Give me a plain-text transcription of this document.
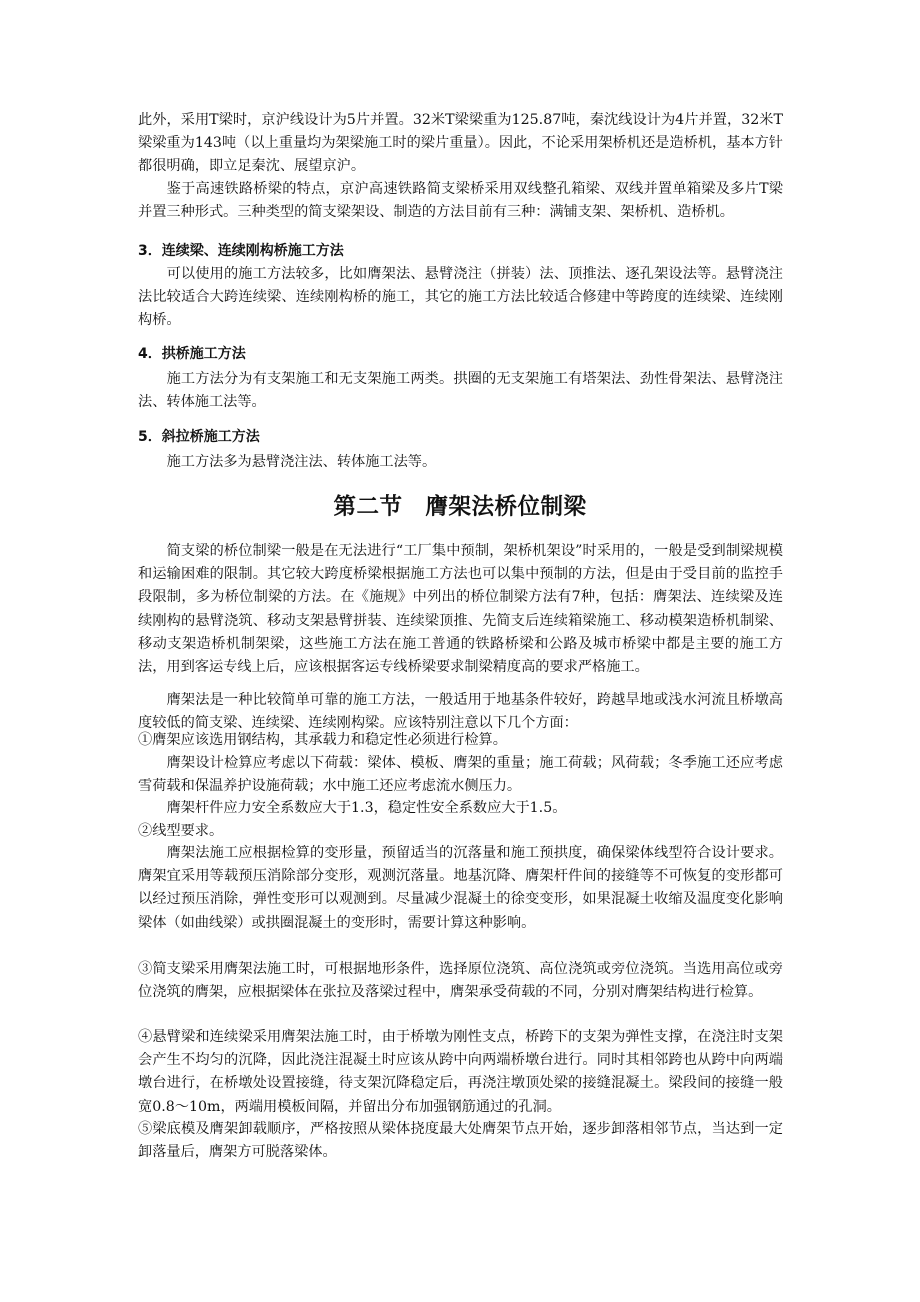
此外，采用T梁时，京沪线设计为5片并置。32米T梁梁重为125.87吨，秦沈线设计为4片并置，32米T梁梁重为143吨（以上重量均为架梁施工时的梁片重量）。因此，不论采用架桥机还是造桥机，基本方针都很明确，即立足秦沈、展望京沪。

鉴于高速铁路桥梁的特点，京沪高速铁路简支梁桥采用双线整孔箱梁、双线并置单箱梁及多片T梁并置三种形式。三种类型的简支梁架设、制造的方法目前有三种：满铺支架、架桥机、造桥机。

3．连续梁、连续刚构桥施工方法

可以使用的施工方法较多，比如膺架法、悬臂浇注（拼装）法、顶推法、逐孔架设法等。悬臂浇注法比较适合大跨连续梁、连续刚构桥的施工，其它的施工方法比较适合修建中等跨度的连续梁、连续刚构桥。

4．拱桥施工方法

施工方法分为有支架施工和无支架施工两类。拱圈的无支架施工有塔架法、劲性骨架法、悬臂浇注法、转体施工法等。

5．斜拉桥施工方法

施工方法多为悬臂浇注法、转体施工法等。

第二节　膺架法桥位制梁

简支梁的桥位制梁一般是在无法进行“工厂集中预制，架桥机架设”时采用的，一般是受到制梁规模和运输困难的限制。其它较大跨度桥梁根据施工方法也可以集中预制的方法，但是由于受目前的监控手段限制，多为桥位制梁的方法。在《施规》中列出的桥位制梁方法有7种，包括：膺架法、连续梁及连续刚构的悬臂浇筑、移动支架悬臂拼装、连续梁顶推、先简支后连续箱梁施工、移动模架造桥机制梁、移动支架造桥机制架梁，这些施工方法在施工普通的铁路桥梁和公路及城市桥梁中都是主要的施工方法，用到客运专线上后，应该根据客运专线桥梁要求制梁精度高的要求严格施工。

膺架法是一种比较简单可靠的施工方法，一般适用于地基条件较好，跨越旱地或浅水河流且桥墩高度较低的简支梁、连续梁、连续刚构梁。应该特别注意以下几个方面：

①膺架应该选用钢结构，其承载力和稳定性必须进行检算。

膺架设计检算应考虑以下荷载：梁体、模板、膺架的重量；施工荷载；风荷载；冬季施工还应考虑雪荷载和保温养护设施荷载；水中施工还应考虑流水侧压力。

膺架杆件应力安全系数应大于1.3，稳定性安全系数应大于1.5。

②线型要求。

膺架法施工应根据检算的变形量，预留适当的沉落量和施工预拱度，确保梁体线型符合设计要求。膺架宜采用等载预压消除部分变形，观测沉落量。地基沉降、膺架杆件间的接缝等不可恢复的变形都可以经过预压消除，弹性变形可以观测到。尽量减少混凝土的徐变变形，如果混凝土收缩及温度变化影响梁体（如曲线梁）或拱圈混凝土的变形时，需要计算这种影响。

③简支梁采用膺架法施工时，可根据地形条件，选择原位浇筑、高位浇筑或旁位浇筑。当选用高位或旁位浇筑的膺架，应根据梁体在张拉及落梁过程中，膺架承受荷载的不同，分别对膺架结构进行检算。

④悬臂梁和连续梁采用膺架法施工时，由于桥墩为刚性支点，桥跨下的支架为弹性支撑，在浇注时支架会产生不均匀的沉降，因此浇注混凝土时应该从跨中向两端桥墩台进行。同时其相邻跨也从跨中向两端墩台进行，在桥墩处设置接缝，待支架沉降稳定后，再浇注墩顶处梁的接缝混凝土。梁段间的接缝一般宽0.8～10m，两端用模板间隔，并留出分布加强钢筋通过的孔洞。

⑤梁底模及膺架卸载顺序，严格按照从梁体挠度最大处膺架节点开始，逐步卸落相邻节点，当达到一定卸落量后，膺架方可脱落梁体。
